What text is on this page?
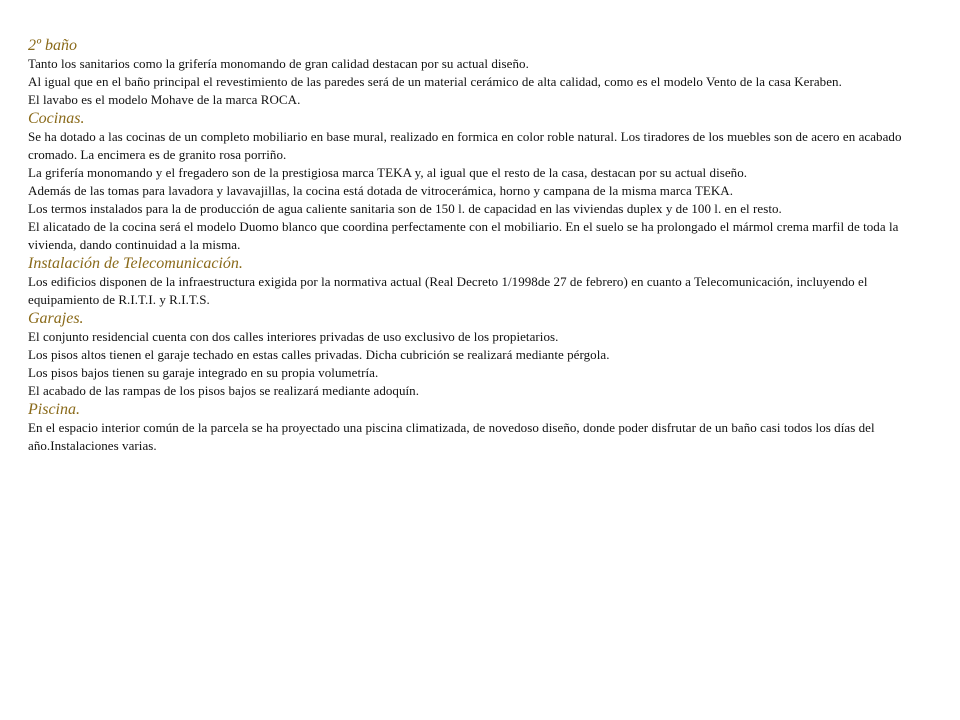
2º baño

Tanto los sanitarios como la grifería monomando de gran calidad destacan por su actual diseño.

Al igual que en el baño principal el revestimiento de las paredes será de un material cerámico de alta calidad, como es el modelo Vento de la casa Keraben.

El lavabo es el modelo Mohave de la marca ROCA.

Cocinas.

Se ha dotado a las cocinas de un completo mobiliario en base mural, realizado en formica en color roble natural. Los tiradores de los muebles son de acero en acabado cromado. La encimera es de granito rosa porriño.

La grifería monomando y el fregadero son de la prestigiosa marca TEKA y, al igual que el resto de la casa, destacan por su actual diseño.

Además de las tomas para lavadora y lavavajillas, la cocina está dotada de vitrocerámica, horno y campana de la misma marca TEKA.

Los termos instalados para la de producción de agua caliente sanitaria son de 150 l. de capacidad en las viviendas duplex y de 100 l. en el resto.

El alicatado de la cocina será el modelo Duomo blanco que coordina perfectamente con el mobiliario. En el suelo se ha prolongado el mármol crema marfil de toda la vivienda, dando continuidad a la misma.

Instalación de Telecomunicación.

Los edificios disponen de la infraestructura exigida por la normativa actual (Real Decreto 1/1998de 27 de febrero) en cuanto a Telecomunicación, incluyendo el equipamiento de R.I.T.I. y R.I.T.S.

Garajes.

El conjunto residencial cuenta con dos calles interiores privadas de uso exclusivo de los propietarios.

Los pisos altos tienen el garaje techado en estas calles privadas. Dicha cubrición se realizará mediante pérgola.

Los pisos bajos tienen su garaje integrado en su propia volumetría.

El acabado de las rampas de los pisos bajos se realizará mediante adoquín.

Piscina.

En el espacio interior común de la parcela se ha proyectado una piscina climatizada, de novedoso diseño, donde poder disfrutar de un baño casi todos los días del año.Instalaciones varias.
